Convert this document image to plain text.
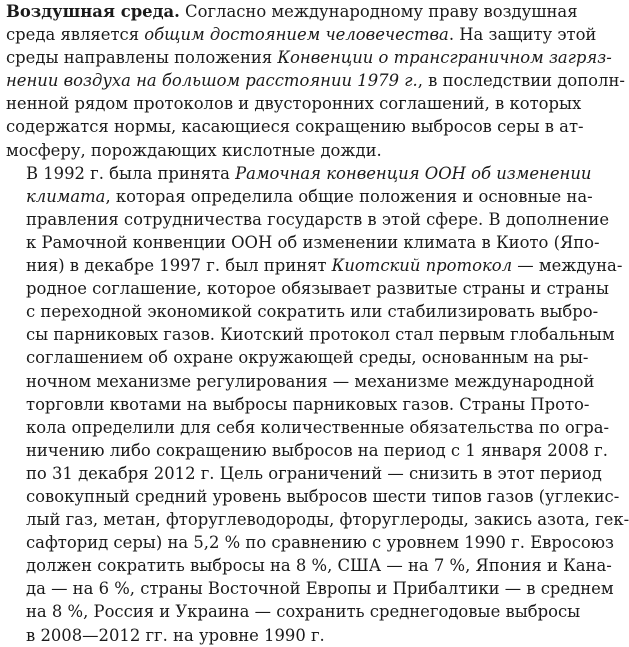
Воздушная среда. Согласно международному праву воздушная
среда является общим достоянием человечества. На защиту этой
среды направлены положения Конвенции о трансграничном загряз-
нении воздуха на большом расстоянии 1979 г., в последствии дополн-
ненной рядом протоколов и двусторонних соглашений, в которых
содержатся нормы, касающиеся сокращению выбросов серы в ат-
мосферу, порождающих кислотные дожди.

В 1992 г. была принята Рамочная конвенция ООН об изменении
климата, которая определила общие положения и основные на-
правления сотрудничества государств в этой сфере. В дополнение
к Рамочной конвенции ООН об изменении климата в Киото (Япо-
ния) в декабре 1997 г. был принят Киотский протокол — междуна-
родное соглашение, которое обязывает развитые страны и страны
с переходной экономикой сократить или стабилизировать выбро-
сы парниковых газов. Киотский протокол стал первым глобальным
соглашением об охране окружающей среды, основанным на ры-
ночном механизме регулирования — механизме международной
торговли квотами на выбросы парниковых газов. Страны Прото-
кола определили для себя количественные обязательства по огра-
ничению либо сокращению выбросов на период с 1 января 2008 г.
по 31 декабря 2012 г. Цель ограничений — снизить в этот период
совокупный средний уровень выбросов шести типов газов (углекис-
лый газ, метан, фторуглеводороды, фторуглероды, закись азота, гек-
сафторид серы) на 5,2 % по сравнению с уровнем 1990 г. Евросоюз
должен сократить выбросы на 8 %, США — на 7 %, Япония и Кана-
да — на 6 %, страны Восточной Европы и Прибалтики — в среднем
на 8 %, Россия и Украина — сохранить среднегодовые выбросы
в 2008—2012 гг. на уровне 1990 г.
